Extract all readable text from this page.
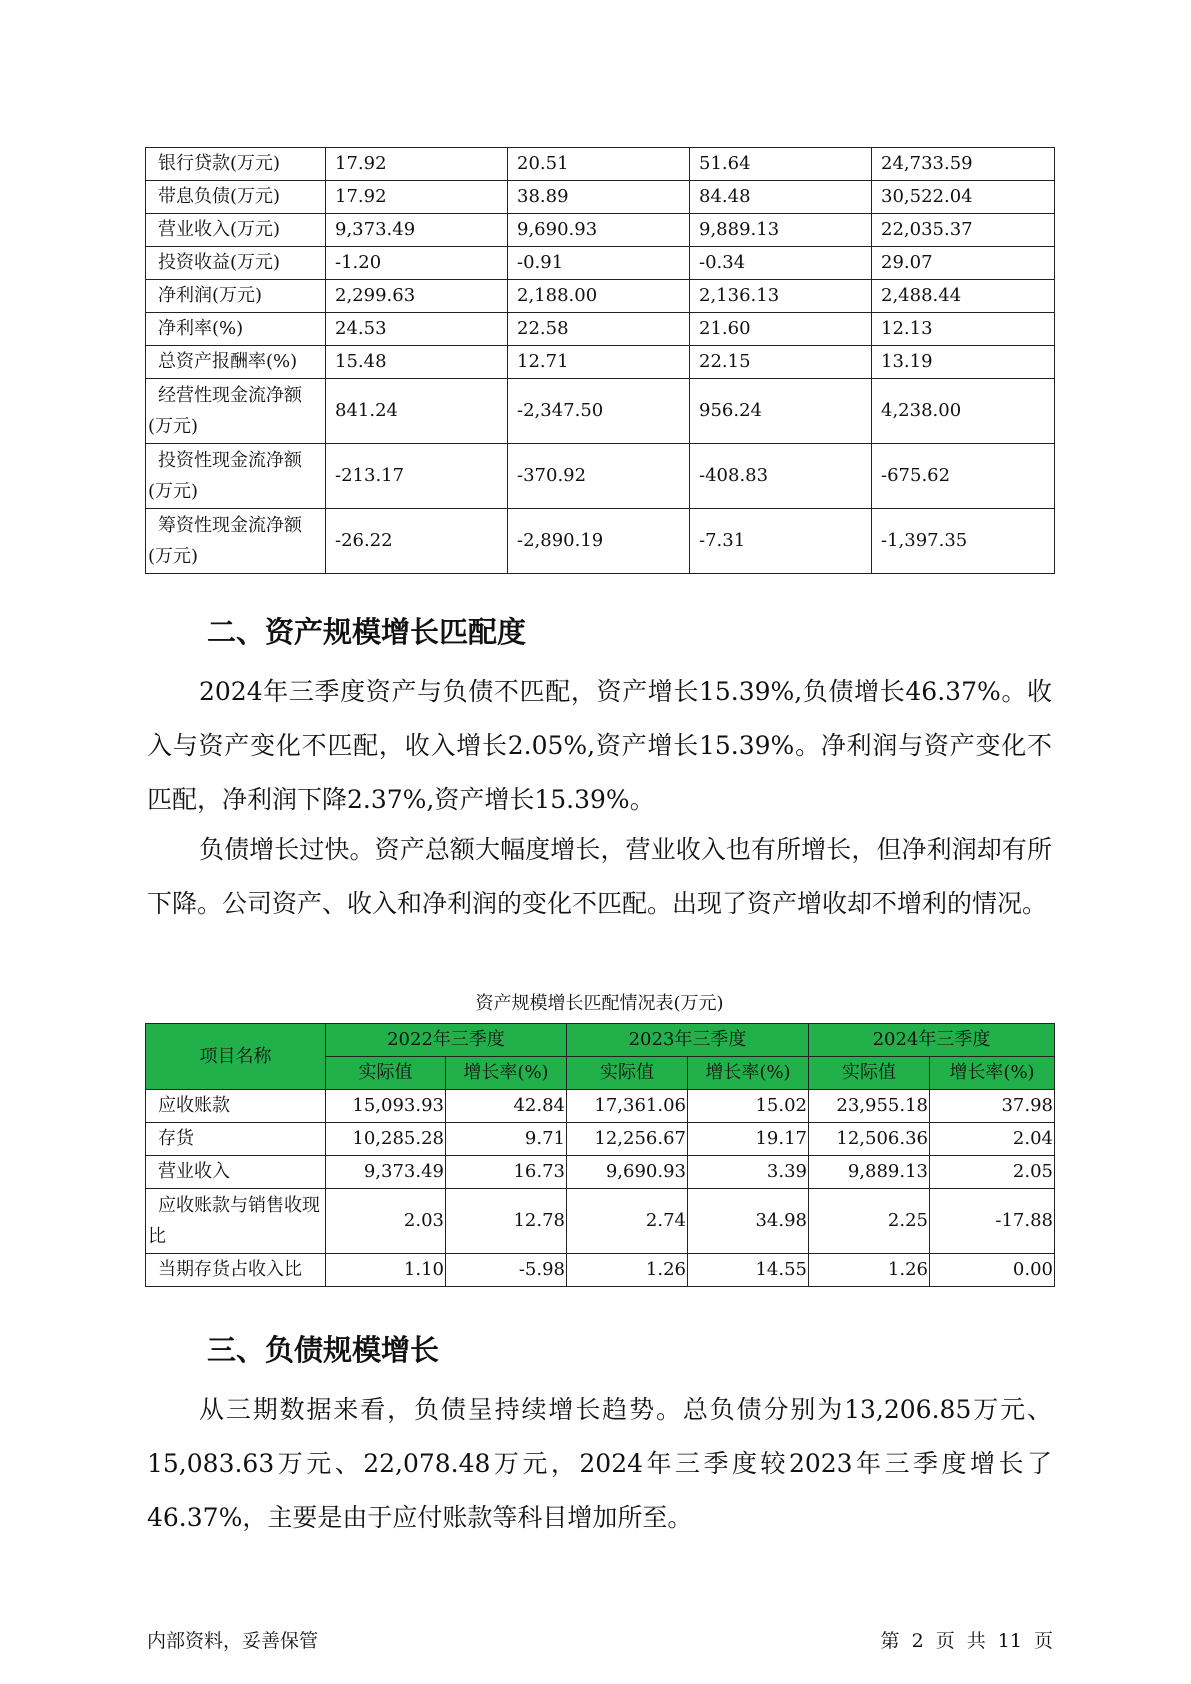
银行贷款(万元)	17.92	20.51	51.64	24,733.59
带息负债(万元)	17.92	38.89	84.48	30,522.04
营业收入(万元)	9,373.49	9,690.93	9,889.13	22,035.37
投资收益(万元)	-1.20	-0.91	-0.34	29.07
净利润(万元)	2,299.63	2,188.00	2,136.13	2,488.44
净利率(%)	24.53	22.58	21.60	12.13
总资产报酬率(%)	15.48	12.71	22.15	13.19
经营性现金流净额(万元)	841.24	-2,347.50	956.24	4,238.00
投资性现金流净额(万元)	-213.17	-370.92	-408.83	-675.62
筹资性现金流净额(万元)	-26.22	-2,890.19	-7.31	-1,397.35
二、资产规模增长匹配度

2024年三季度资产与负债不匹配，资产增长15.39%,负债增长46.37%。收入与资产变化不匹配，收入增长2.05%,资产增长15.39%。净利润与资产变化不匹配，净利润下降2.37%,资产增长15.39%。

负债增长过快。资产总额大幅度增长，营业收入也有所增长，但净利润却有所下降。公司资产、收入和净利润的变化不匹配。出现了资产增收却不增利的情况。

资产规模增长匹配情况表(万元)

项目名称	2022年三季度		2023年三季度		2024年三季度	
	实际值	增长率(%)	实际值	增长率(%)	实际值	增长率(%)
应收账款	15,093.93	42.84	17,361.06	15.02	23,955.18	37.98
存货	10,285.28	9.71	12,256.67	19.17	12,506.36	2.04
营业收入	9,373.49	16.73	9,690.93	3.39	9,889.13	2.05
应收账款与销售收现比	2.03	12.78	2.74	34.98	2.25	-17.88
当期存货占收入比	1.10	-5.98	1.26	14.55	1.26	0.00
三、负债规模增长

从三期数据来看，负债呈持续增长趋势。总负债分别为13,206.85万元、15,083.63万元、22,078.48万元，2024年三季度较2023年三季度增长了46.37%，主要是由于应付账款等科目增加所至。

内部资料，妥善保管	第 2 页 共 11 页
